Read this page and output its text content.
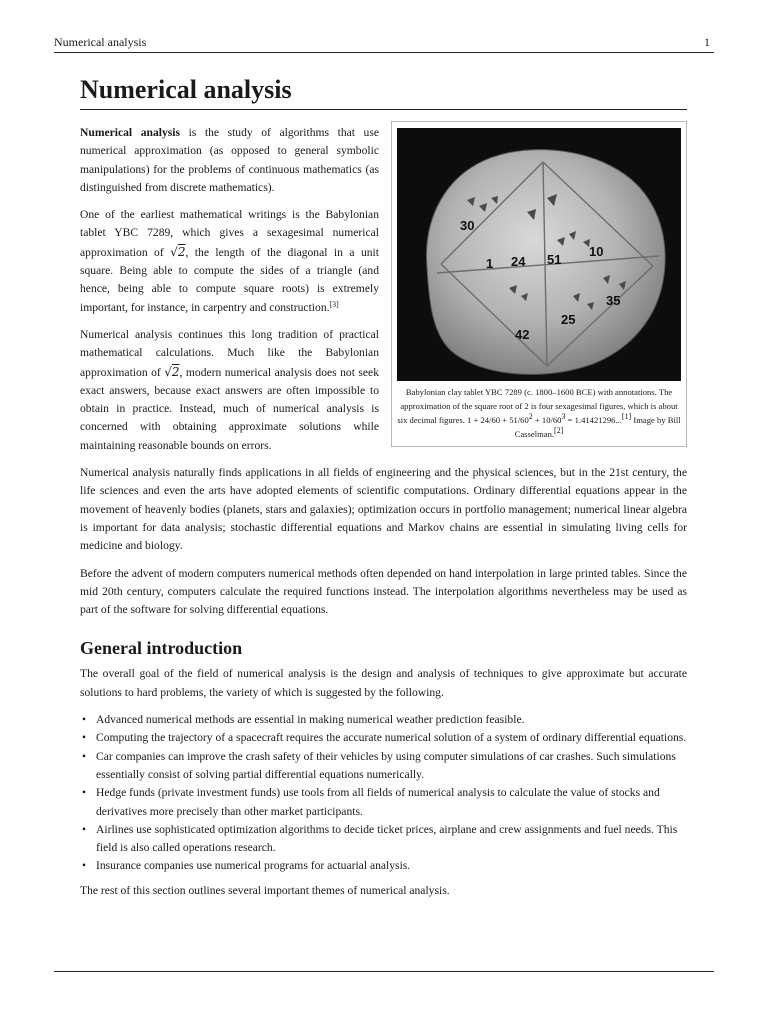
Numerical analysis	1
Numerical analysis
30
1 24 51
10
35
25
42
Babylonian clay tablet YBC 7289 (c. 1800–1600 BCE) with annotations. The approximation of the square root of 2 is four sexagesimal figures, which is about six decimal figures. $1 + 24/60 + 51/60^2 + 10/60^3 = 1.41421296...[1]$ Image by Bill Casselman.[2]

Numerical analysis is the study of algorithms that use numerical approximation (as opposed to general symbolic manipulations) for the problems of continuous mathematics (as distinguished from discrete mathematics).

One of the earliest mathematical writings is the Babylonian tablet YBC 7289, which gives a sexagesimal numerical approximation of √2, the length of the diagonal in a unit square. Being able to compute the sides of a triangle (and hence, being able to compute square roots) is extremely important, for instance, in carpentry and construction.[3]

Numerical analysis continues this long tradition of practical mathematical calculations. Much like the Babylonian approximation of √2, modern numerical analysis does not seek exact answers, because exact answers are often impossible to obtain in practice. Instead, much of numerical analysis is concerned with obtaining approximate solutions while maintaining reasonable bounds on errors.

Numerical analysis naturally finds applications in all fields of engineering and the physical sciences, but in the 21st century, the life sciences and even the arts have adopted elements of scientific computations. Ordinary differential equations appear in the movement of heavenly bodies (planets, stars and galaxies); optimization occurs in portfolio management; numerical linear algebra is important for data analysis; stochastic differential equations and Markov chains are essential in simulating living cells for medicine and biology.

Before the advent of modern computers numerical methods often depended on hand interpolation in large printed tables. Since the mid 20th century, computers calculate the required functions instead. The interpolation algorithms nevertheless may be used as part of the software for solving differential equations.

General introduction

The overall goal of the field of numerical analysis is the design and analysis of techniques to give approximate but accurate solutions to hard problems, the variety of which is suggested by the following.

• Advanced numerical methods are essential in making numerical weather prediction feasible.
• Computing the trajectory of a spacecraft requires the accurate numerical solution of a system of ordinary differential equations.
• Car companies can improve the crash safety of their vehicles by using computer simulations of car crashes. Such simulations essentially consist of solving partial differential equations numerically.
• Hedge funds (private investment funds) use tools from all fields of numerical analysis to calculate the value of stocks and derivatives more precisely than other market participants.
• Airlines use sophisticated optimization algorithms to decide ticket prices, airplane and crew assignments and fuel needs. This field is also called operations research.
• Insurance companies use numerical programs for actuarial analysis.

The rest of this section outlines several important themes of numerical analysis.
